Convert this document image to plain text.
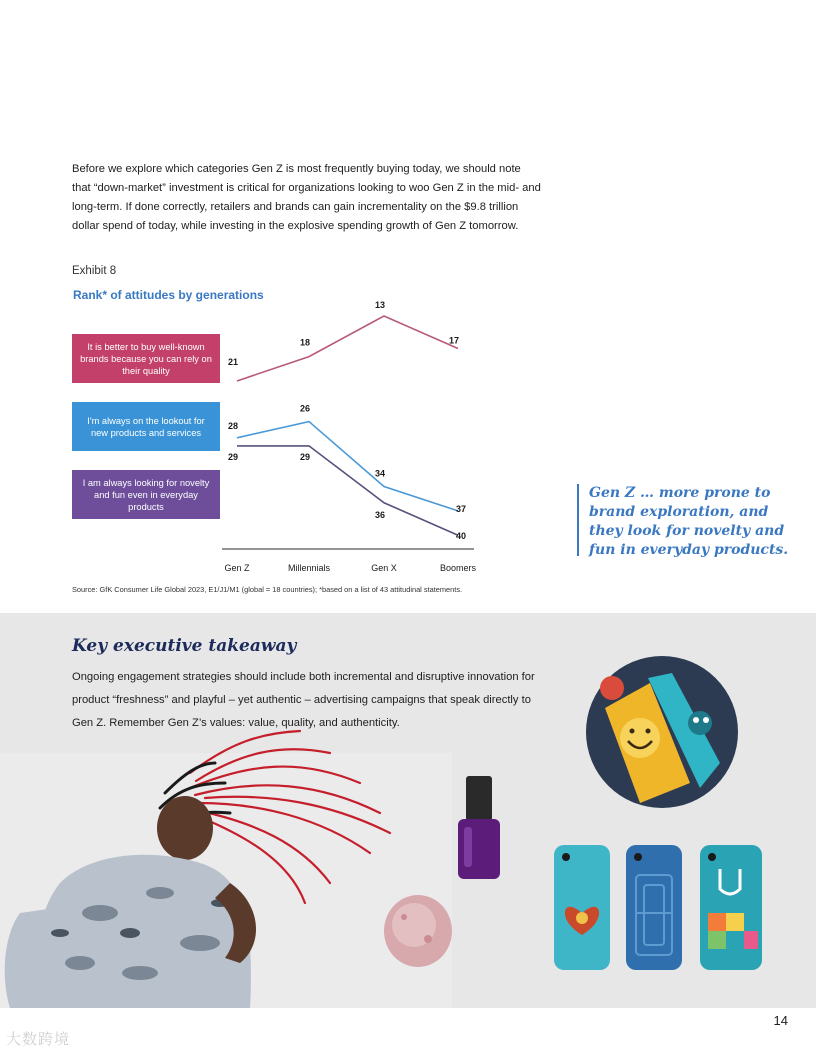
Before we explore which categories Gen Z is most frequently buying today, we should note that “down-market” investment is critical for organizations looking to woo Gen Z in the mid- and long-term. If done correctly, retailers and brands can gain incrementality on the $9.8 trillion dollar spend of today, while investing in the explosive spending growth of Gen Z tomorrow.

Exhibit 8
Rank* of attitudes by generations
It is better to buy well-known brands because you can rely on their quality
I'm always on the lookout for new products and services
I am always looking for novelty and fun even in everyday products
21
18
13
17
28
26
34
37
29	29
36
40
Gen Z	Millennials	Gen X	Boomers
Source: GfK Consumer Life Global 2023, E1/J1/M1 (global = 18 countries); *based on a list of 43 attitudinal statements.
Gen Z … more prone to brand exploration, and they look for novelty and fun in everyday products.
Key executive takeaway

Ongoing engagement strategies should include both incremental and disruptive innovation for product “freshness” and playful – yet authentic – advertising campaigns that speak directly to Gen Z. Remember Gen Z’s values: value, quality, and authenticity.

14
大数跨境
